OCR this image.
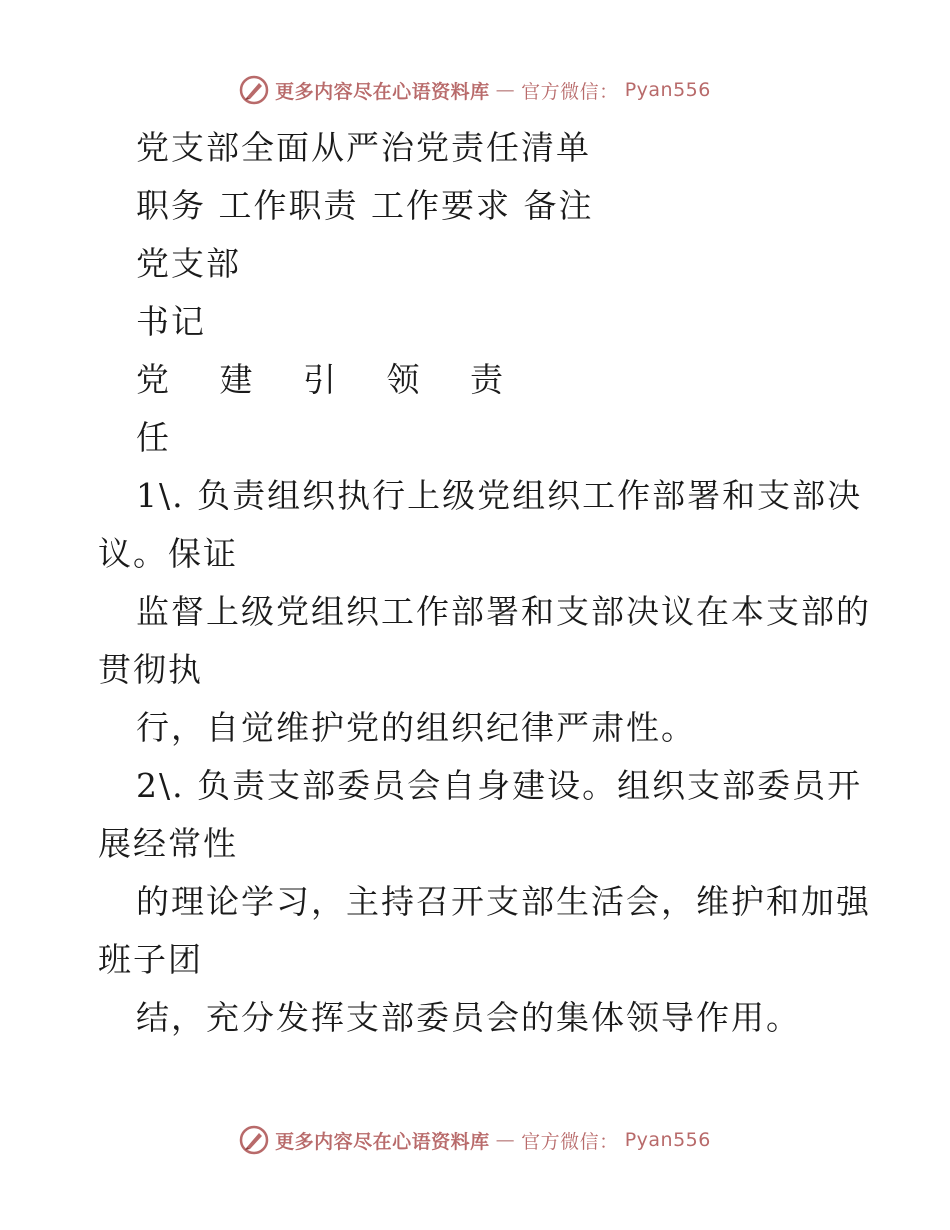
更多内容尽在心语资料库 — 官方微信： Pyan556
党支部全面从严治党责任清单
职务 工作职责 工作要求 备注
党支部
书记
党 建 引 领 责
任
1\. 负责组织执行上级党组织工作部署和支部决
议。保证
监督上级党组织工作部署和支部决议在本支部的
贯彻执
行，自觉维护党的组织纪律严肃性。
2\. 负责支部委员会自身建设。组织支部委员开
展经常性
的理论学习，主持召开支部生活会，维护和加强
班子团
结，充分发挥支部委员会的集体领导作用。
更多内容尽在心语资料库 — 官方微信： Pyan556
